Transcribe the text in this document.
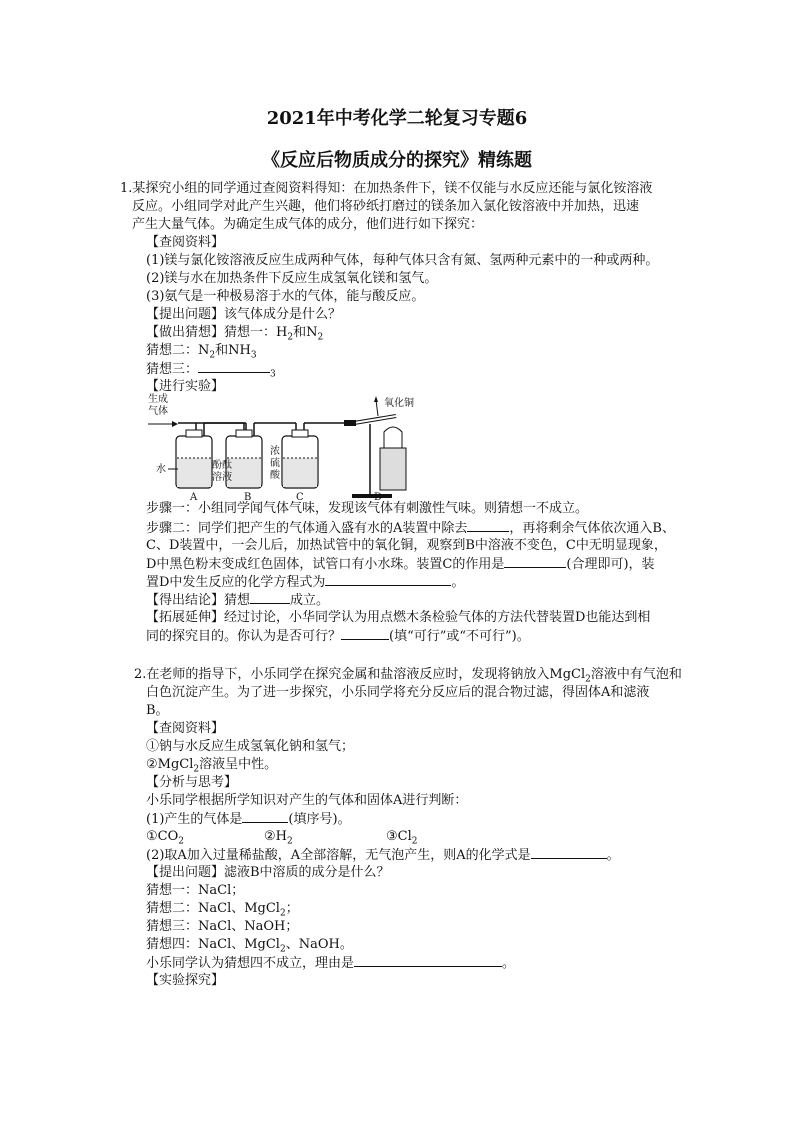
2021年中考化学二轮复习专题6
《反应后物质成分的探究》精练题
1.某探究小组的同学通过查阅资料得知：在加热条件下，镁不仅能与水反应还能与氯化铵溶液
反应。小组同学对此产生兴趣，他们将砂纸打磨过的镁条加入氯化铵溶液中并加热，迅速
产生大量气体。为确定生成气体的成分，他们进行如下探究：
【查阅资料】
(1)镁与氯化铵溶液反应生成两种气体，每种气体只含有氮、氢两种元素中的一种或两种。
(2)镁与水在加热条件下反应生成氢氧化镁和氢气。
(3)氨气是一种极易溶于水的气体，能与酸反应。
【提出问题】该气体成分是什么？
【做出猜想】猜想一：$H_2$和$N_2$
猜想二：$N_2$和$NH_3$
猜想三：	$_3$
【进行实验】
生成
气体
水	酚酞
溶液
浓
硫
酸
氧化铜
A	B	C	D
步骤一：小组同学闻气体气味，发现该气体有刺激性气味。则猜想一不成立。
步骤二：同学们把产生的气体通入盛有水的A装置中除去	，再将剩余气体依次通入B、
C、D装置中，一会儿后，加热试管中的氧化铜，观察到B中溶液不变色，C中无明显现象，
D中黑色粉末变成红色固体，试管口有小水珠。装置C的作用是	(合理即可)，装
置D中发生反应的化学方程式为	。
【得出结论】猜想	成立。
【拓展延伸】经过讨论，小华同学认为用点燃木条检验气体的方法代替装置D也能达到相
同的探究目的。你认为是否可行？	(填“可行”或“不可行”)。
2.在老师的指导下，小乐同学在探究金属和盐溶液反应时，发现将钠放入MgCl$_2$溶液中有气泡和
白色沉淀产生。为了进一步探究，小乐同学将充分反应后的混合物过滤，得固体A和滤液
B。
【查阅资料】
①钠与水反应生成氢氧化钠和氢气；
②MgCl$_2$溶液呈中性。
【分析与思考】
小乐同学根据所学知识对产生的气体和固体A进行判断：
(1)产生的气体是	(填序号)。
$①CO_2$	$②H_2$	$③Cl_2$
(2)取A加入过量稀盐酸，A全部溶解，无气泡产生，则A的化学式是	。
【提出问题】滤液B中溶质的成分是什么？
猜想一：NaCl；
猜想二：NaCl、MgCl$_2$；
猜想三：NaCl、NaOH；
猜想四：NaCl、MgCl$_2$、NaOH。
小乐同学认为猜想四不成立，理由是	。
【实验探究】
